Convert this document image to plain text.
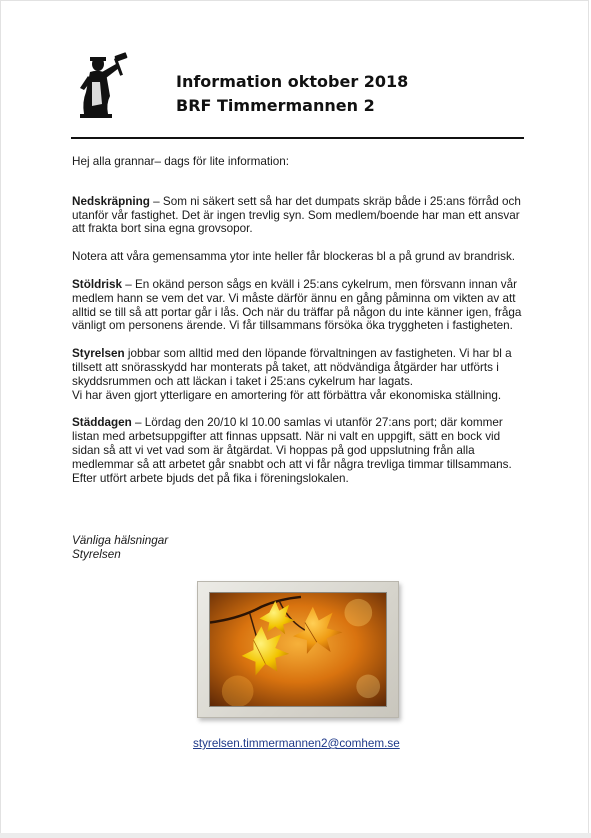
Information oktober 2018
BRF Timmermannen 2

Hej alla grannar– dags för lite information:

Nedskräpning – Som ni säkert sett så har det dumpats skräp både i 25:ans förråd och utanför vår fastighet. Det är ingen trevlig syn. Som medlem/boende har man ett ansvar att frakta bort sina egna grovsopor.

Notera att våra gemensamma ytor inte heller får blockeras bl a på grund av brandrisk.

Stöldrisk – En okänd person sågs en kväll i 25:ans cykelrum, men försvann innan vår medlem hann se vem det var. Vi måste därför ännu en gång påminna om vikten av att alltid se till så att portar går i lås. Och när du träffar på någon du inte känner igen, fråga vänligt om personens ärende. Vi får tillsammans försöka öka tryggheten i fastigheten.

Styrelsen jobbar som alltid med den löpande förvaltningen av fastigheten. Vi har bl a tillsett att snörasskydd har monterats på taket, att nödvändiga åtgärder har utförts i skyddsrummen och att läckan i taket i 25:ans cykelrum har lagats.

Vi har även gjort ytterligare en amortering för att förbättra vår ekonomiska ställning.

Städdagen – Lördag den 20/10 kl 10.00 samlas vi utanför 27:ans port; där kommer listan med arbetsuppgifter att finnas uppsatt. När ni valt en uppgift, sätt en bock vid sidan så att vi vet vad som är åtgärdat. Vi hoppas på god uppslutning från alla medlemmar så att arbetet går snabbt och att vi får några trevliga timmar tillsammans. Efter utfört arbete bjuds det på fika i föreningslokalen.

Vänliga hälsningar
Styrelsen
styrelsen.timmermannen2@comhem.se
